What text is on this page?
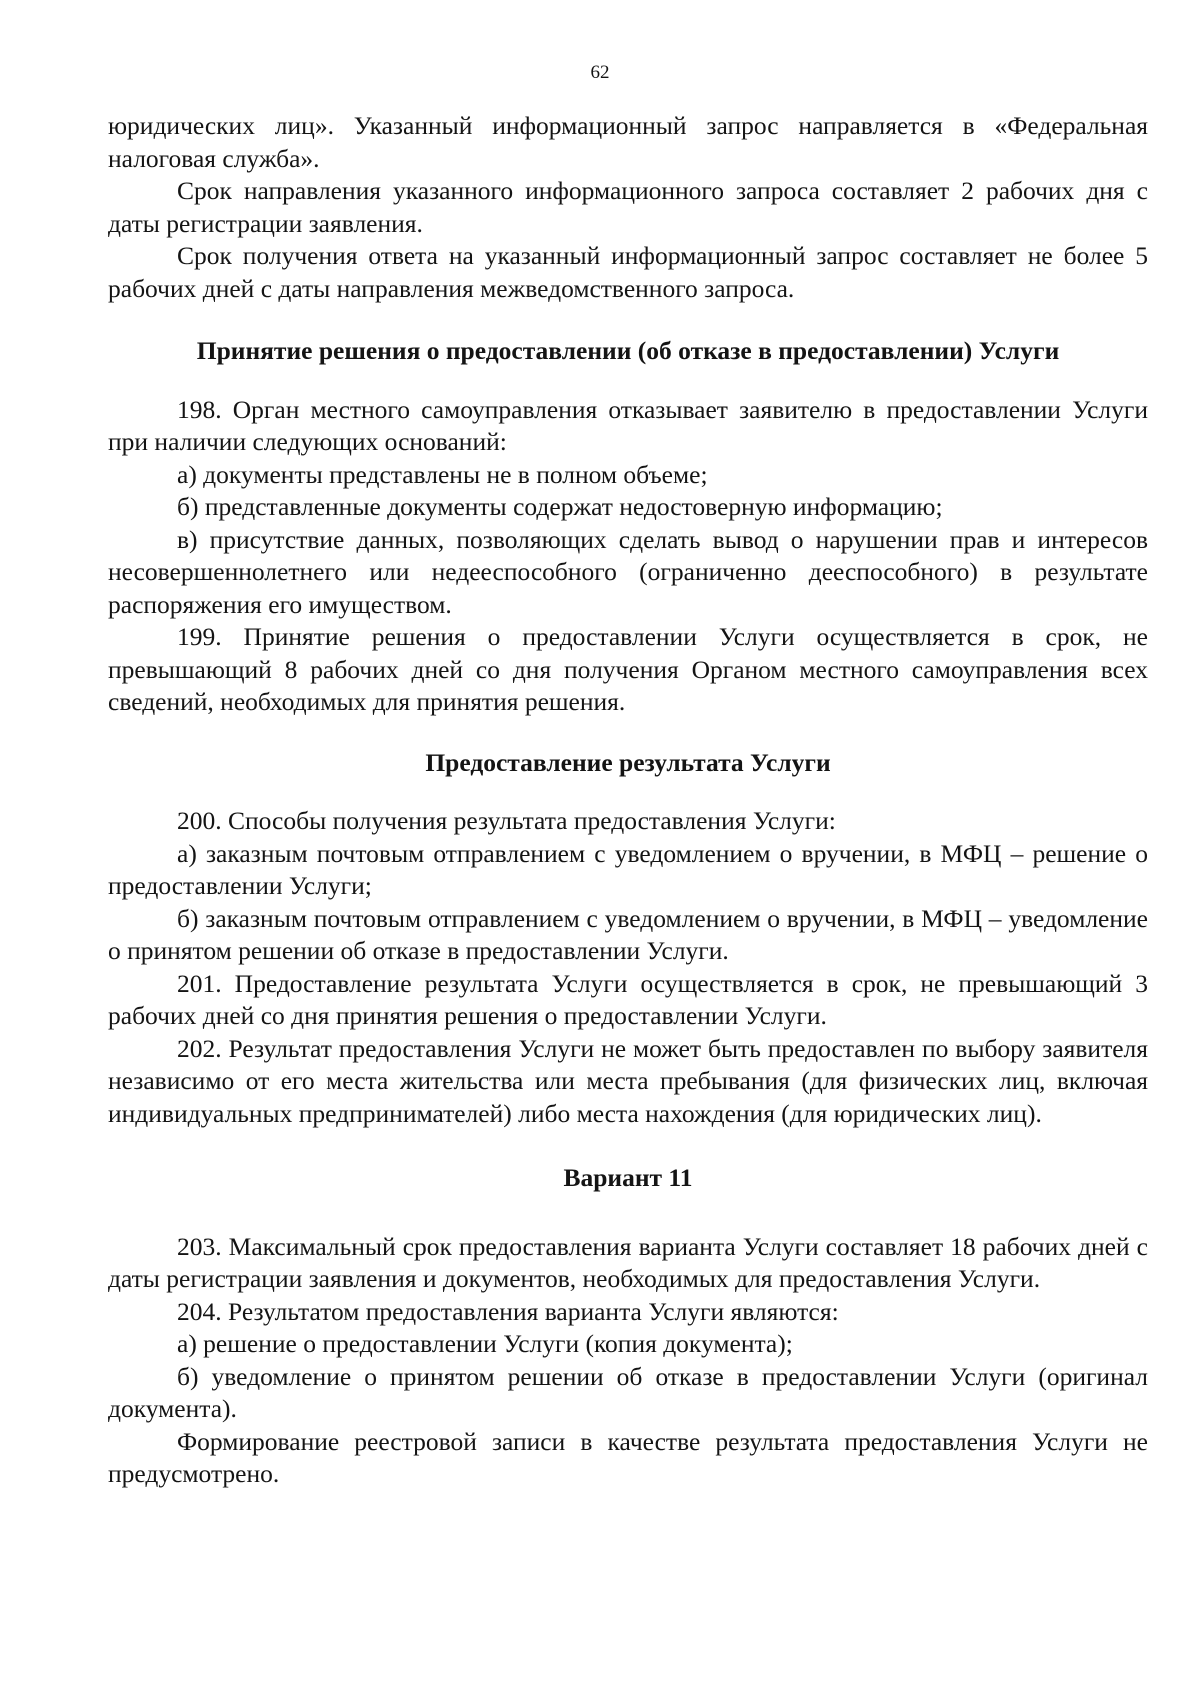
62

юридических лиц». Указанный информационный запрос направляется в «Федеральная налоговая служба».

Срок направления указанного информационного запроса составляет 2 рабочих дня с даты регистрации заявления.

Срок получения ответа на указанный информационный запрос составляет не более 5 рабочих дней с даты направления межведомственного запроса.

Принятие решения о предоставлении (об отказе в предоставлении) Услуги

198. Орган местного самоуправления отказывает заявителю в предоставлении Услуги при наличии следующих оснований:

а) документы представлены не в полном объеме;

б) представленные документы содержат недостоверную информацию;

в) присутствие данных, позволяющих сделать вывод о нарушении прав и интересов несовершеннолетнего или недееспособного (ограниченно дееспособного) в результате распоряжения его имуществом.

199. Принятие решения о предоставлении Услуги осуществляется в срок, не превышающий 8 рабочих дней со дня получения Органом местного самоуправления всех сведений, необходимых для принятия решения.

Предоставление результата Услуги

200. Способы получения результата предоставления Услуги:

а) заказным почтовым отправлением с уведомлением о вручении, в МФЦ – решение о предоставлении Услуги;

б) заказным почтовым отправлением с уведомлением о вручении, в МФЦ – уведомление о принятом решении об отказе в предоставлении Услуги.

201. Предоставление результата Услуги осуществляется в срок, не превышающий 3 рабочих дней со дня принятия решения о предоставлении Услуги.

202. Результат предоставления Услуги не может быть предоставлен по выбору заявителя независимо от его места жительства или места пребывания (для физических лиц, включая индивидуальных предпринимателей) либо места нахождения (для юридических лиц).

Вариант 11

203. Максимальный срок предоставления варианта Услуги составляет 18 рабочих дней с даты регистрации заявления и документов, необходимых для предоставления Услуги.

204. Результатом предоставления варианта Услуги являются:

а) решение о предоставлении Услуги (копия документа);

б) уведомление о принятом решении об отказе в предоставлении Услуги (оригинал документа).

Формирование реестровой записи в качестве результата предоставления Услуги не предусмотрено.
